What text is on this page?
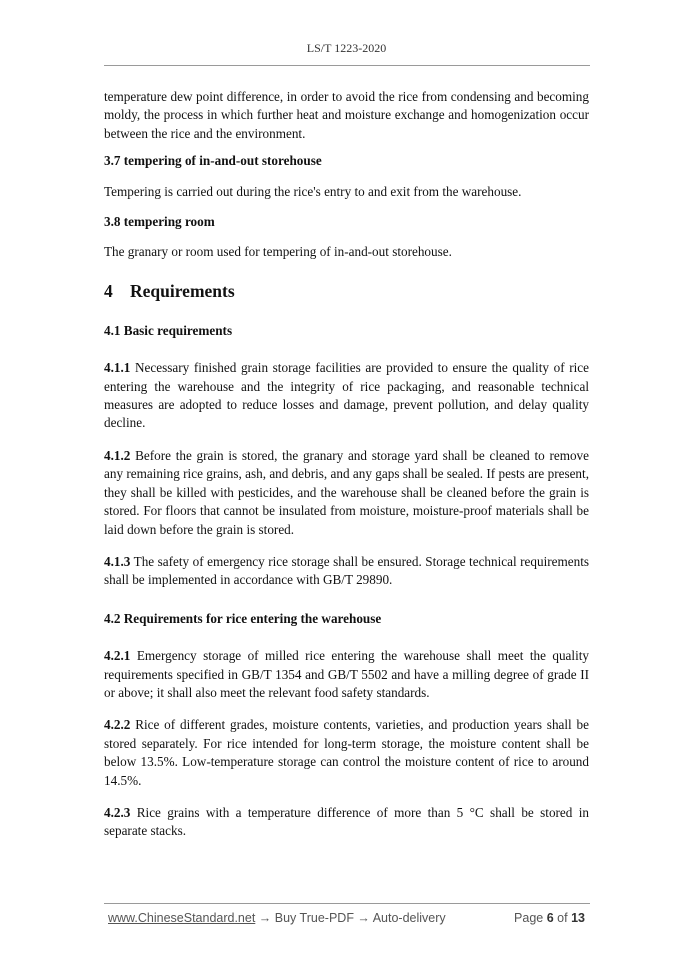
LS/T 1223-2020

temperature dew point difference, in order to avoid the rice from condensing and becoming moldy, the process in which further heat and moisture exchange and homogenization occur between the rice and the environment.

3.7 tempering of in-and-out storehouse

Tempering is carried out during the rice's entry to and exit from the warehouse.

3.8 tempering room

The granary or room used for tempering of in-and-out storehouse.

4 Requirements

4.1 Basic requirements

4.1.1 Necessary finished grain storage facilities are provided to ensure the quality of rice entering the warehouse and the integrity of rice packaging, and reasonable technical measures are adopted to reduce losses and damage, prevent pollution, and delay quality decline.

4.1.2 Before the grain is stored, the granary and storage yard shall be cleaned to remove any remaining rice grains, ash, and debris, and any gaps shall be sealed. If pests are present, they shall be killed with pesticides, and the warehouse shall be cleaned before the grain is stored. For floors that cannot be insulated from moisture, moisture-proof materials shall be laid down before the grain is stored.

4.1.3 The safety of emergency rice storage shall be ensured. Storage technical requirements shall be implemented in accordance with GB/T 29890.

4.2 Requirements for rice entering the warehouse

4.2.1 Emergency storage of milled rice entering the warehouse shall meet the quality requirements specified in GB/T 1354 and GB/T 5502 and have a milling degree of grade II or above; it shall also meet the relevant food safety standards.

4.2.2 Rice of different grades, moisture contents, varieties, and production years shall be stored separately. For rice intended for long-term storage, the moisture content shall be below 13.5%. Low-temperature storage can control the moisture content of rice to around 14.5%.

4.2.3 Rice grains with a temperature difference of more than 5 °C shall be stored in separate stacks.

www.ChineseStandard.net → Buy True-PDF → Auto-delivery	Page 6 of 13
